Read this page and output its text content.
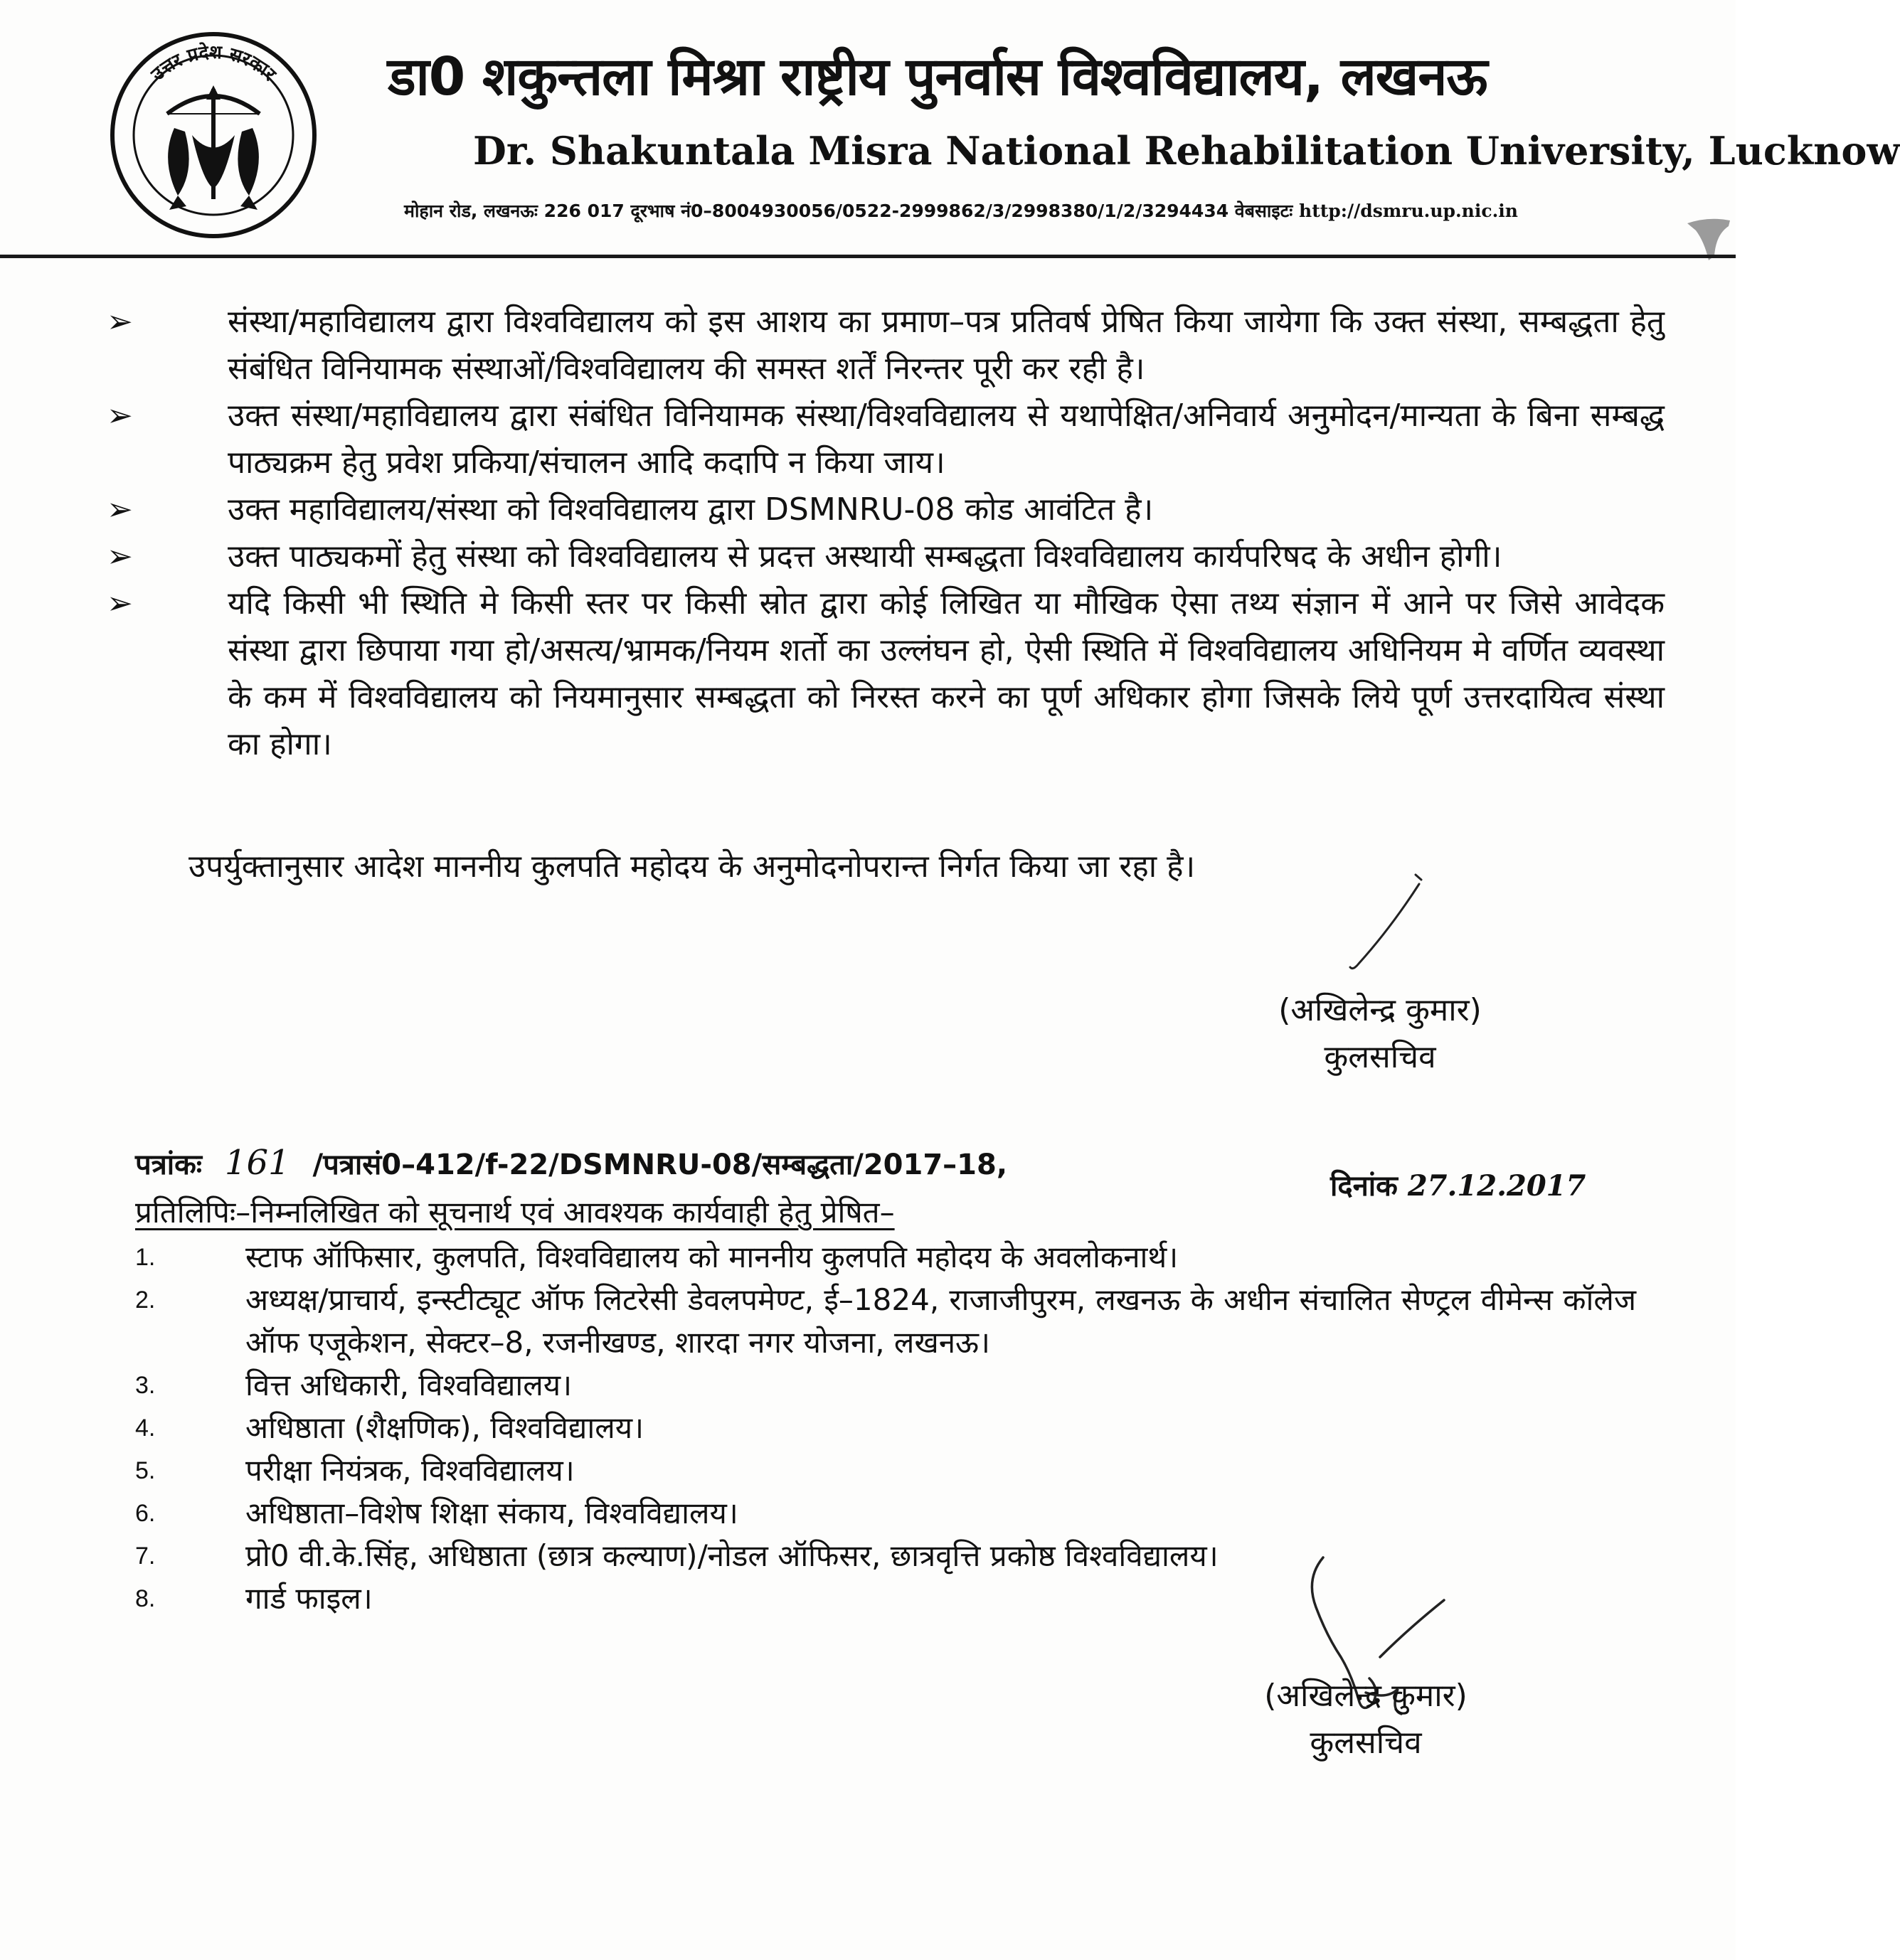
उत्तर प्रदेश सरकार डा0 शकुन्तला मिश्रा राष्ट्रीय पुनर्वास विश्वविद्यालय, लखनऊ
Dr. Shakuntala Misra National Rehabilitation University, Lucknow
मोहान रोड, लखनऊः 226 017 दूरभाष नं0–8004930056/0522-2999862/3/2998380/1/2/3294434 वेबसाइटः http://dsmru.up.nic.in
➢	संस्था/महाविद्यालय द्वारा विश्वविद्यालय को इस आशय का प्रमाण–पत्र प्रतिवर्ष प्रेषित किया जायेगा कि उक्त संस्था, सम्बद्धता हेतु संबंधित विनियामक संस्थाओं/विश्वविद्यालय की समस्त शर्तें निरन्तर पूरी कर रही है।
➢	उक्त संस्था/महाविद्यालय द्वारा संबंधित विनियामक संस्था/विश्वविद्यालय से यथापेक्षित/अनिवार्य अनुमोदन/मान्यता के बिना सम्बद्ध पाठ्यक्रम हेतु प्रवेश प्रकिया/संचालन आदि कदापि न किया जाय।
➢	उक्त महाविद्यालय/संस्था को विश्वविद्यालय द्वारा DSMNRU-08 कोड आवंटित है।
➢	उक्त पाठ्यकमों हेतु संस्था को विश्वविद्यालय से प्रदत्त अस्थायी सम्बद्धता विश्वविद्यालय कार्यपरिषद के अधीन होगी।
➢	यदि किसी भी स्थिति मे किसी स्तर पर किसी स्रोत द्वारा कोई लिखित या मौखिक ऐसा तथ्य संज्ञान में आने पर जिसे आवेदक संस्था द्वारा छिपाया गया हो/असत्य/भ्रामक/नियम शर्तो का उल्लंघन हो, ऐसी स्थिति में विश्वविद्यालय अधिनियम मे वर्णित व्यवस्था के कम में विश्वविद्यालय को नियमानुसार सम्बद्धता को निरस्त करने का पूर्ण अधिकार होगा जिसके लिये पूर्ण उत्तरदायित्व संस्था का होगा।
उपर्युक्तानुसार आदेश माननीय कुलपति महोदय के अनुमोदनोपरान्त निर्गत किया जा रहा है।
(अखिलेन्द्र कुमार)
कुलसचिव
पत्रांकः 161 /पत्रासं0–412/f-22/DSMNRU-08/सम्बद्धता/2017–18,
दिनांक 27.12.2017
प्रतिलिपिः–निम्नलिखित को सूचनार्थ एवं आवश्यक कार्यवाही हेतु प्रेषित–
1.	स्टाफ ऑफिसार, कुलपति, विश्वविद्यालय को माननीय कुलपति महोदय के अवलोकनार्थ।
2.	अध्यक्ष/प्राचार्य, इन्स्टीट्यूट ऑफ लिटरेसी डेवलपमेण्ट, ई–1824, राजाजीपुरम, लखनऊ के अधीन संचालित सेण्ट्रल वीमेन्स कॉलेज ऑफ एजूकेशन, सेक्टर–8, रजनीखण्ड, शारदा नगर योजना, लखनऊ।
3.	वित्त अधिकारी, विश्वविद्यालय।
4.	अधिष्ठाता (शैक्षणिक), विश्वविद्यालय।
5.	परीक्षा नियंत्रक, विश्वविद्यालय।
6.	अधिष्ठाता–विशेष शिक्षा संकाय, विश्वविद्यालय।
7.	प्रो0 वी.के.सिंह, अधिष्ठाता (छात्र कल्याण)/नोडल ऑफिसर, छात्रवृत्ति प्रकोष्ठ विश्वविद्यालय।
8.	गार्ड फाइल।
(अखिलेन्द्र कुमार)
कुलसचिव
